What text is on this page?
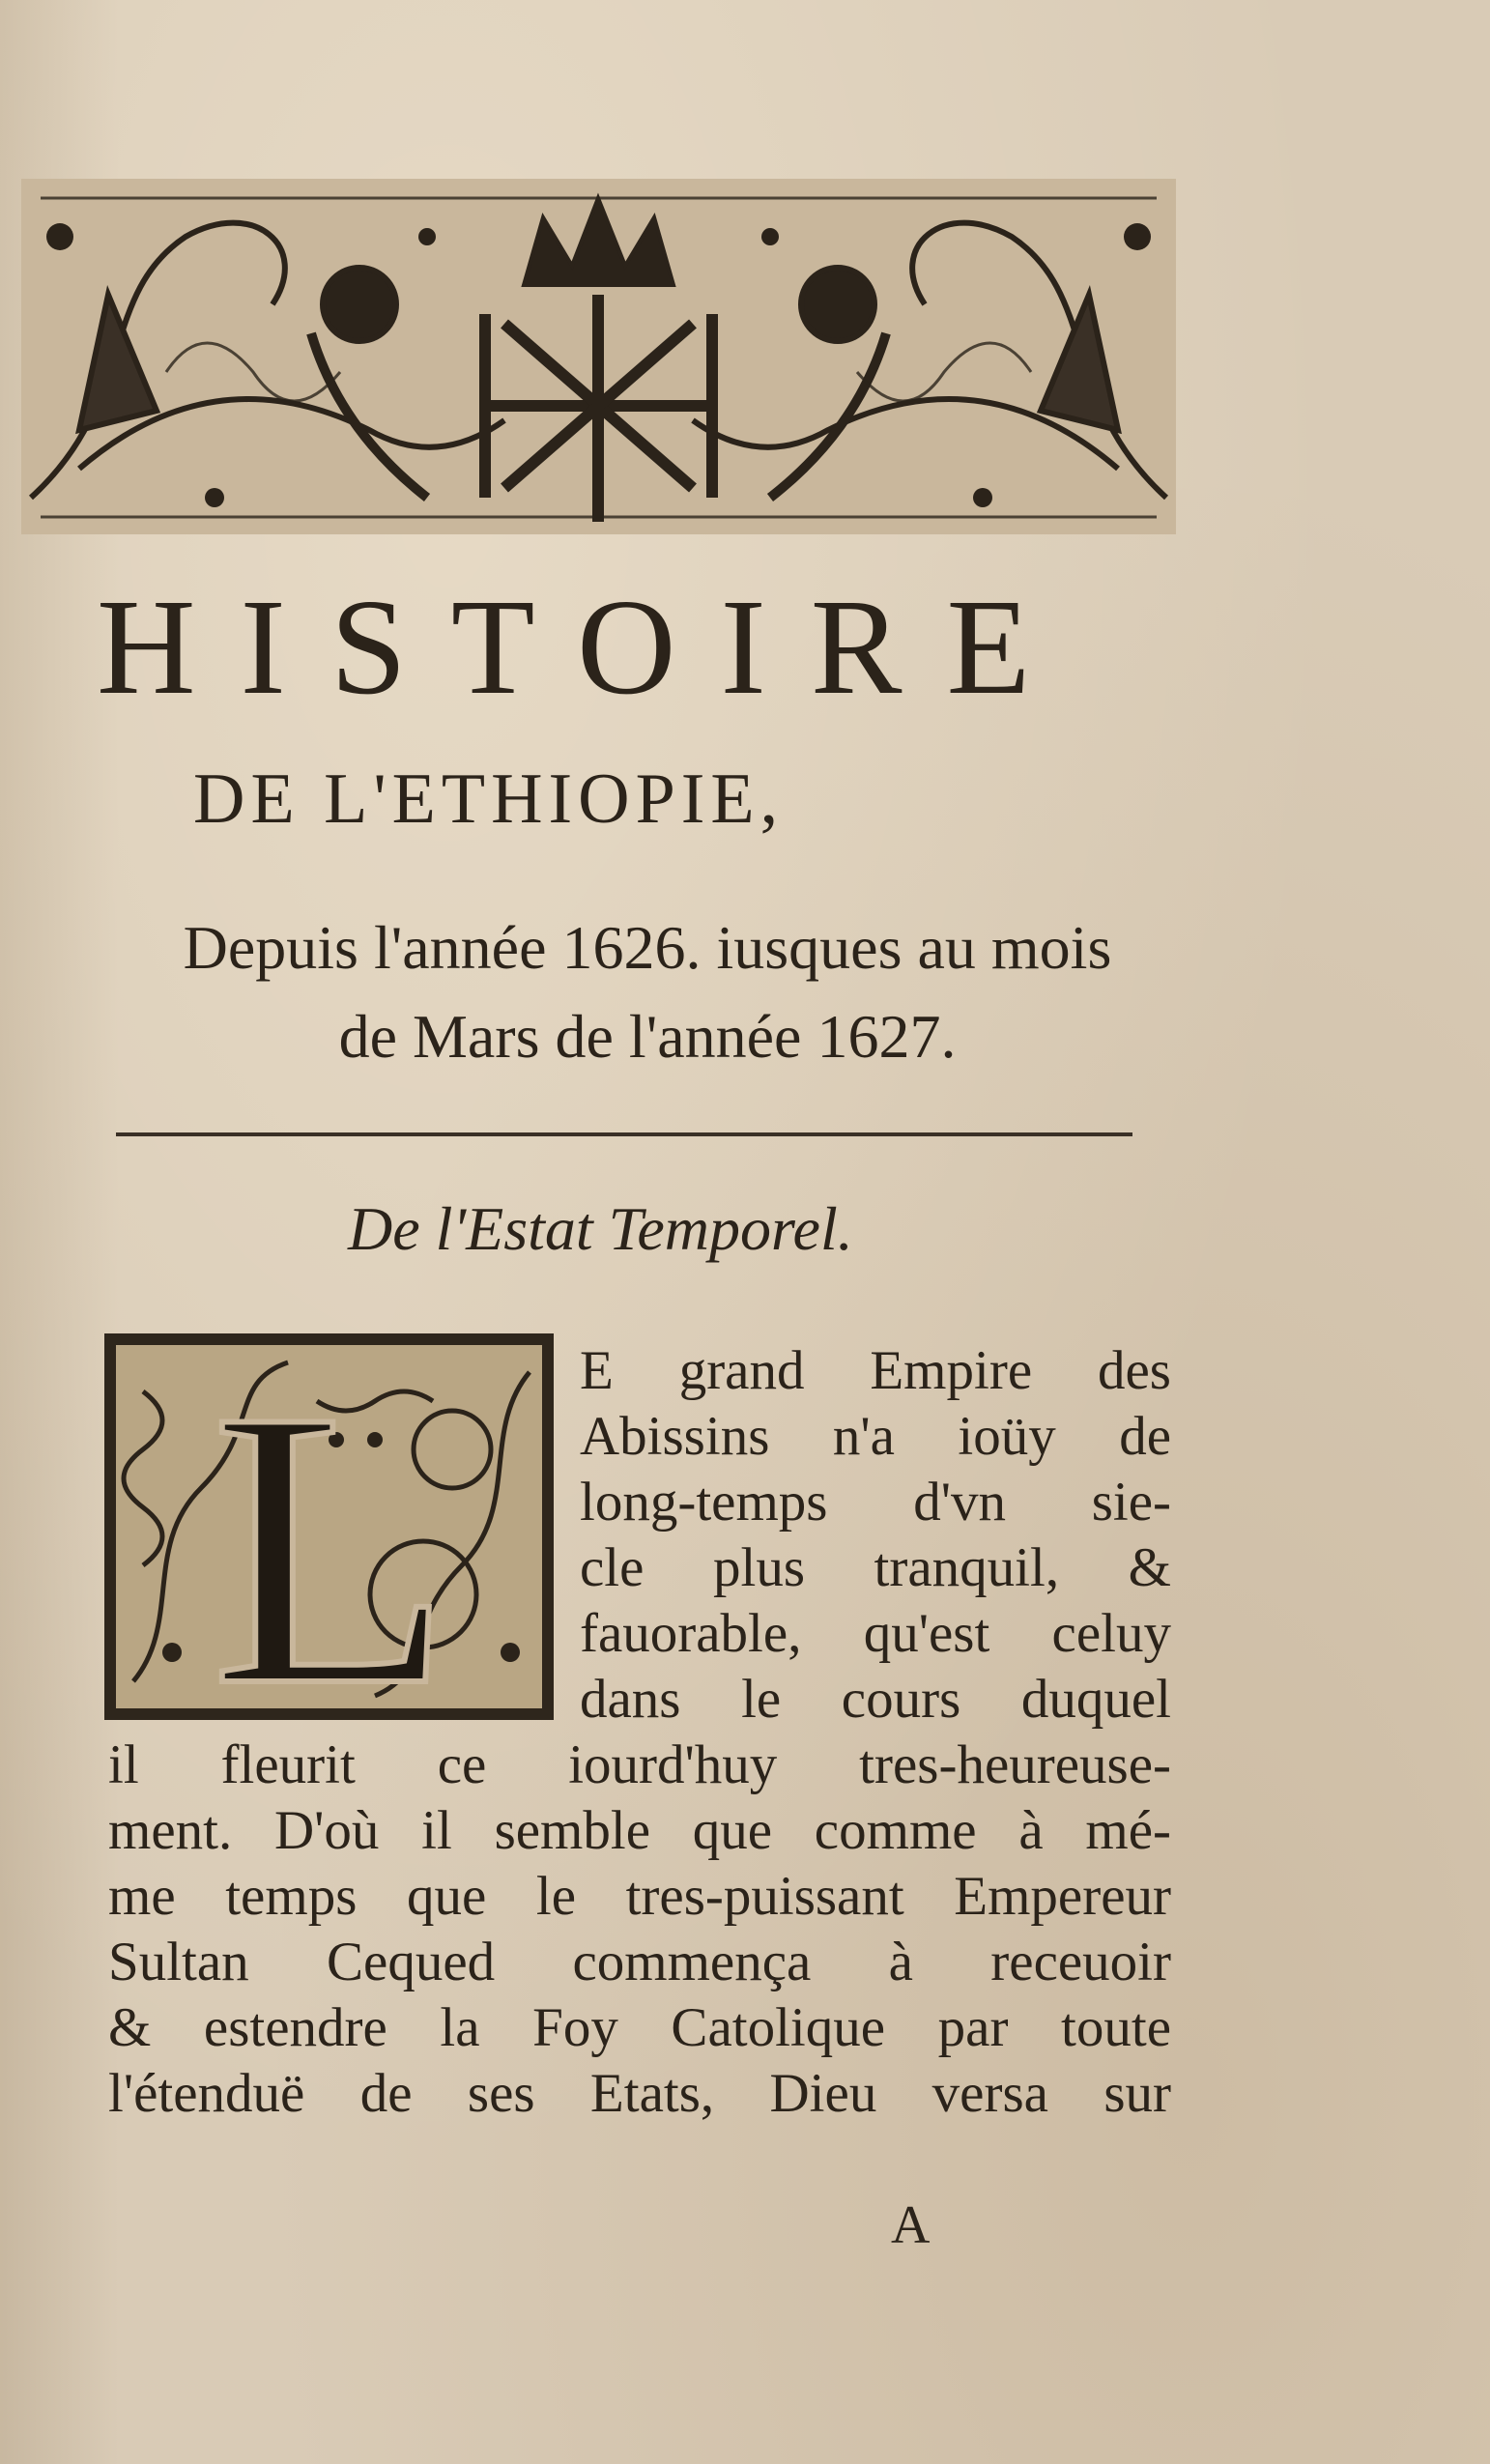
HISTOIRE
DE L'ETHIOPIE,
Depuis l'année 1626. iusques au mois
de Mars de l'année 1627.
De l'Estat Temporel.
L E grand Empire des
Abissins n'a ioüy de
long-temps d'vn sie-
cle plus tranquil, &
fauorable, qu'est celuy
dans le cours duquel
il fleurit ce iourd'huy tres-heureuse-
ment. D'où il semble que comme à mé-
me temps que le tres-puissant Empereur
Sultan Cequed commença à receuoir
& estendre la Foy Catolique par toute
l'étenduë de ses Etats, Dieu versa sur
A
